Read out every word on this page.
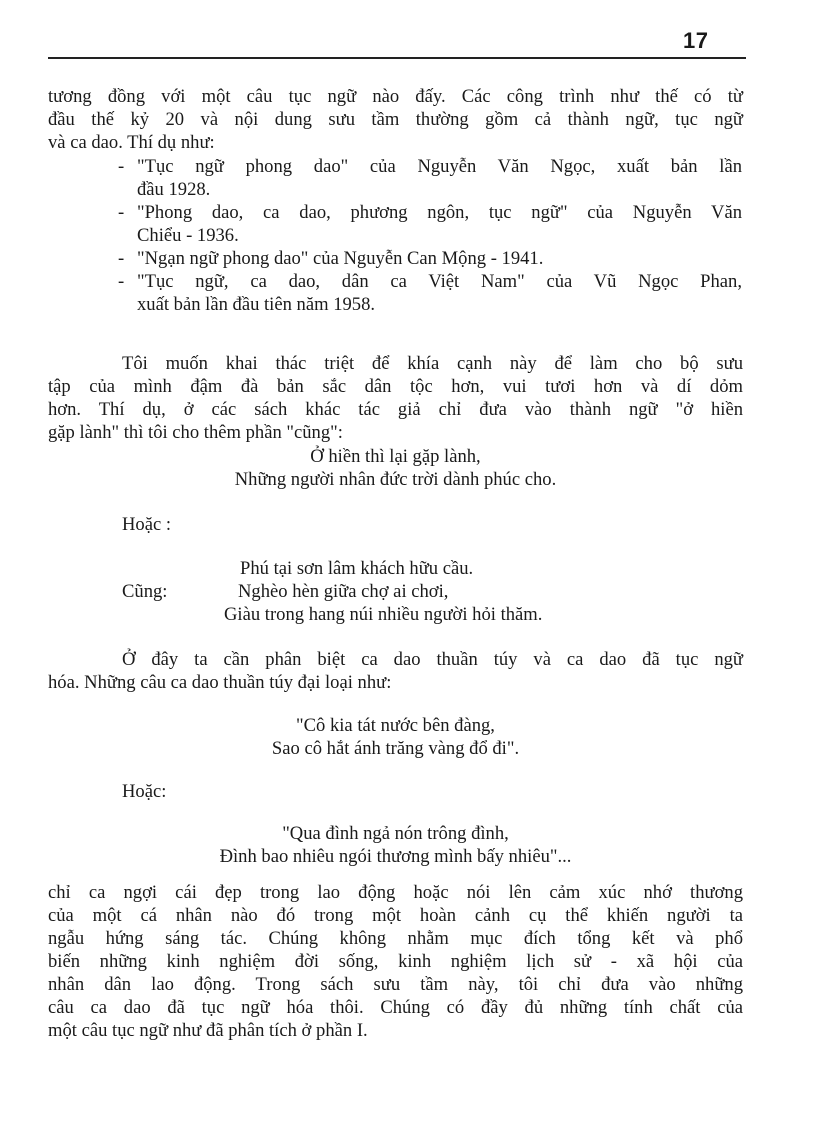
17
tương đồng với một câu tục ngữ nào đấy. Các công trình như thế có từ
đầu thế kỷ 20 và nội dung sưu tầm thường gồm cả thành ngữ, tục ngữ
và ca dao. Thí dụ như:
- "Tục ngữ phong dao" của Nguyễn Văn Ngọc, xuất bản lần
đầu 1928.
- "Phong dao, ca dao, phương ngôn, tục ngữ" của Nguyễn Văn
Chiểu - 1936.
- "Ngạn ngữ phong dao" của Nguyễn Can Mộng - 1941.
- "Tục ngữ, ca dao, dân ca Việt Nam" của Vũ Ngọc Phan,
xuất bản lần đầu tiên năm 1958.
Tôi muốn khai thác triệt để khía cạnh này để làm cho bộ sưu
tập của mình đậm đà bản sắc dân tộc hơn, vui tươi hơn và dí dỏm
hơn. Thí dụ, ở các sách khác tác giả chỉ đưa vào thành ngữ "ở hiền
gặp lành" thì tôi cho thêm phần "cũng":
Ở hiền thì lại gặp lành,
Những người nhân đức trời dành phúc cho.
Hoặc :
Phú tại sơn lâm khách hữu cầu.
Cũng:	Nghèo hèn giữa chợ ai chơi,
Giàu trong hang núi nhiều người hỏi thăm.
Ở đây ta cần phân biệt ca dao thuần túy và ca dao đã tục ngữ
hóa. Những câu ca dao thuần túy đại loại như:
"Cô kia tát nước bên đàng,
Sao cô hắt ánh trăng vàng đổ đi".
Hoặc:
"Qua đình ngả nón trông đình,
Đình bao nhiêu ngói thương mình bấy nhiêu"...
chỉ ca ngợi cái đẹp trong lao động hoặc nói lên cảm xúc nhớ thương
của một cá nhân nào đó trong một hoàn cảnh cụ thể khiến người ta
ngẫu hứng sáng tác. Chúng không nhằm mục đích tổng kết và phổ
biến những kinh nghiệm đời sống, kinh nghiệm lịch sử - xã hội của
nhân dân lao động. Trong sách sưu tầm này, tôi chỉ đưa vào những
câu ca dao đã tục ngữ hóa thôi. Chúng có đầy đủ những tính chất của
một câu tục ngữ như đã phân tích ở phần I.
